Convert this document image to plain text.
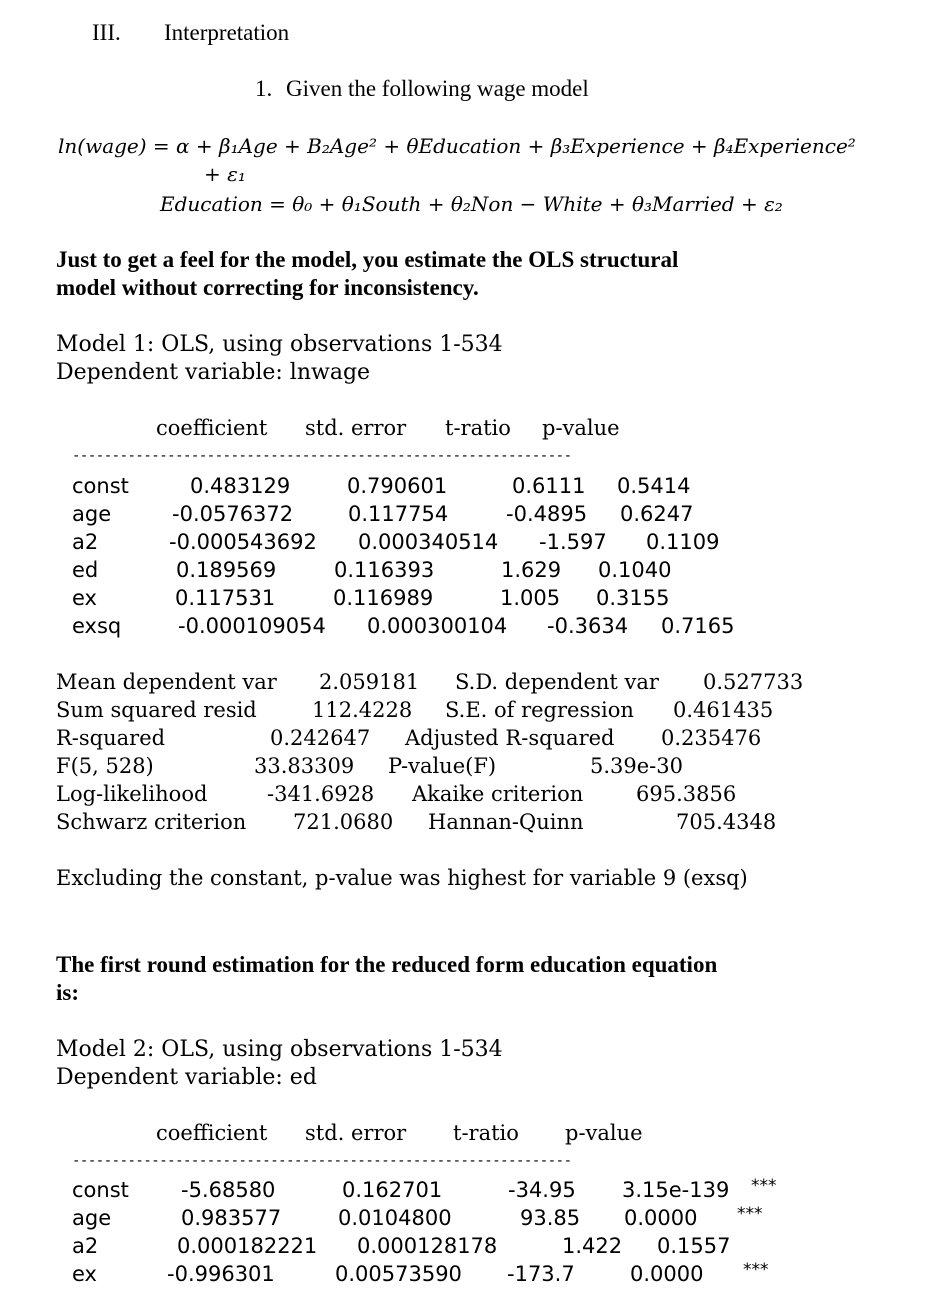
III. Interpretation
1. Given the following wage model
ln(wage) = α + β₁Age + B₂Age² + θEducation + β₃Experience + β₄Experience²
+ ε₁
Education = θ₀ + θ₁South + θ₂Non − White + θ₃Married + ε₂
Just to get a feel for the model, you estimate the OLS structural
model without correcting for inconsistency.
Model 1: OLS, using observations 1-534
Dependent variable: lnwage
coefficient std. error t-ratio p-value
---------------------------------------------------------------
const	0.483129	0.790601	0.6111 0.5414
age	-0.0576372	0.117754	-0.4895 0.6247
a2	-0.000543692 0.000340514 -1.597 0.1109
ed	0.189569	0.116393	1.629 0.1040
ex	0.117531	0.116989	1.005 0.3155
exsq	-0.000109054 0.000300104 -0.3634 0.7165
Mean dependent var 2.059181 S.D. dependent var 0.527733
Sum squared resid	112.4228 S.E. of regression 0.461435
R-squared	0.242647 Adjusted R-squared 0.235476
F(5, 528)	33.83309 P-value(F)	5.39e-30
Log-likelihood	-341.6928 Akaike criterion	695.3856
Schwarz criterion 721.0680 Hannan-Quinn	705.4348
Excluding the constant, p-value was highest for variable 9 (exsq)
The first round estimation for the reduced form education equation
is:
Model 2: OLS, using observations 1-534
Dependent variable: ed
coefficient std. error t-ratio p-value
---------------------------------------------------------------
const -5.68580	0.162701	-34.95 3.15e-139 ***
age	0.983577	0.0104800	93.85 0.0000 ***
a2	0.000182221 0.000128178	1.422 0.1557
ex	-0.996301	0.00573590 -173.7	0.0000 ***
